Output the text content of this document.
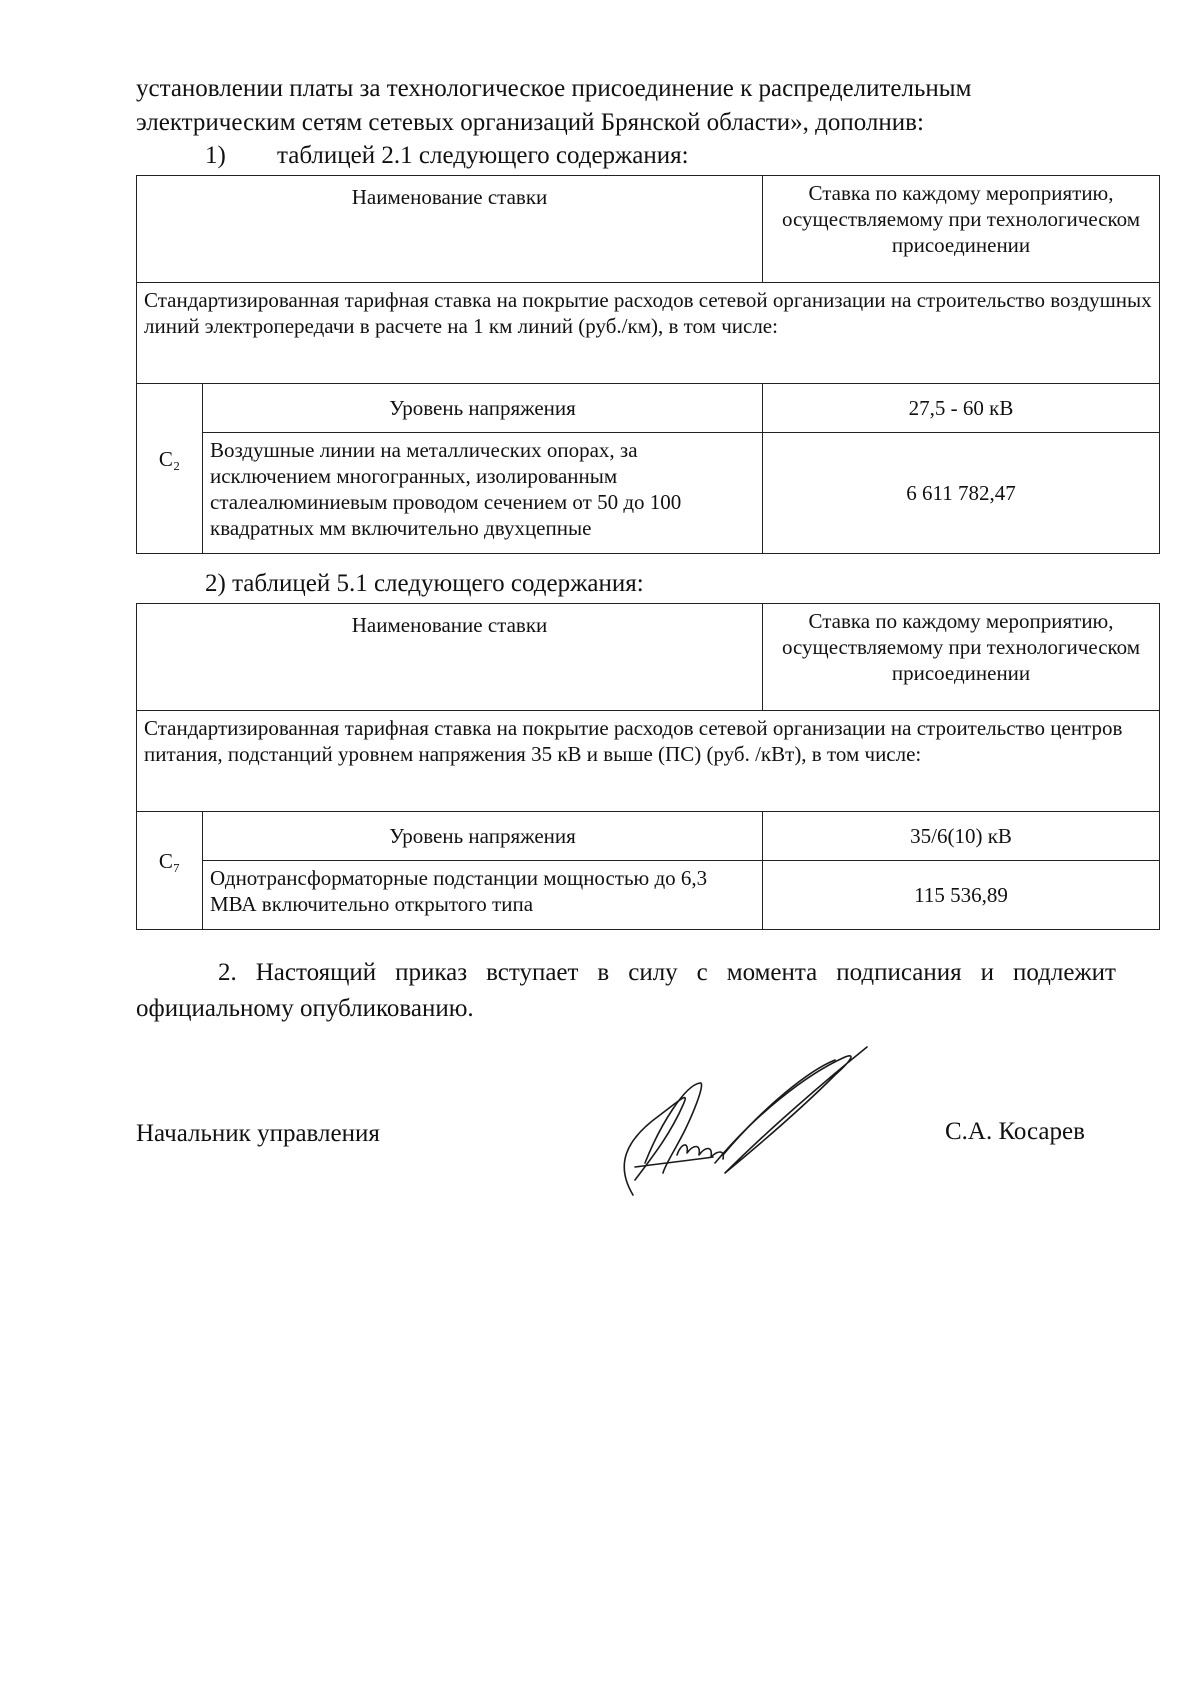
установлении платы за технологическое присоединение к распределительным

электрическим сетям сетевых организаций Брянской области», дополнив:

1) таблицей 2.1 следующего содержания:
Наименование ставки		Ставка по каждому мероприятию, осуществляемому при технологическом присоединении
Стандартизированная тарифная ставка на покрытие расходов сетевой организации на строительство воздушных линий электропередачи в расчете на 1 км линий (руб./км), в том числе:		
C₂	Уровень напряжения	27,5 - 60 кВ
	Воздушные линии на металлических опорах, за исключением многогранных, изолированным сталеалюминиевым проводом сечением от 50 до 100 квадратных мм включительно двухцепные	6 611 782,47
2) таблицей 5.1 следующего содержания:
Наименование ставки		Ставка по каждому мероприятию, осуществляемому при технологическом присоединении
Стандартизированная тарифная ставка на покрытие расходов сетевой организации на строительство центров питания, подстанций уровнем напряжения 35 кВ и выше (ПС) (руб. /кВт), в том числе:		
C₇	Уровень напряжения	35/6(10) кВ
	Однотрансформаторные подстанции мощностью до 6,3 МВА включительно открытого типа	115 536,89

2. Настоящий приказ вступает в силу с момента подписания и подлежит официальному опубликованию.

Начальник управления	С.А. Косарев
